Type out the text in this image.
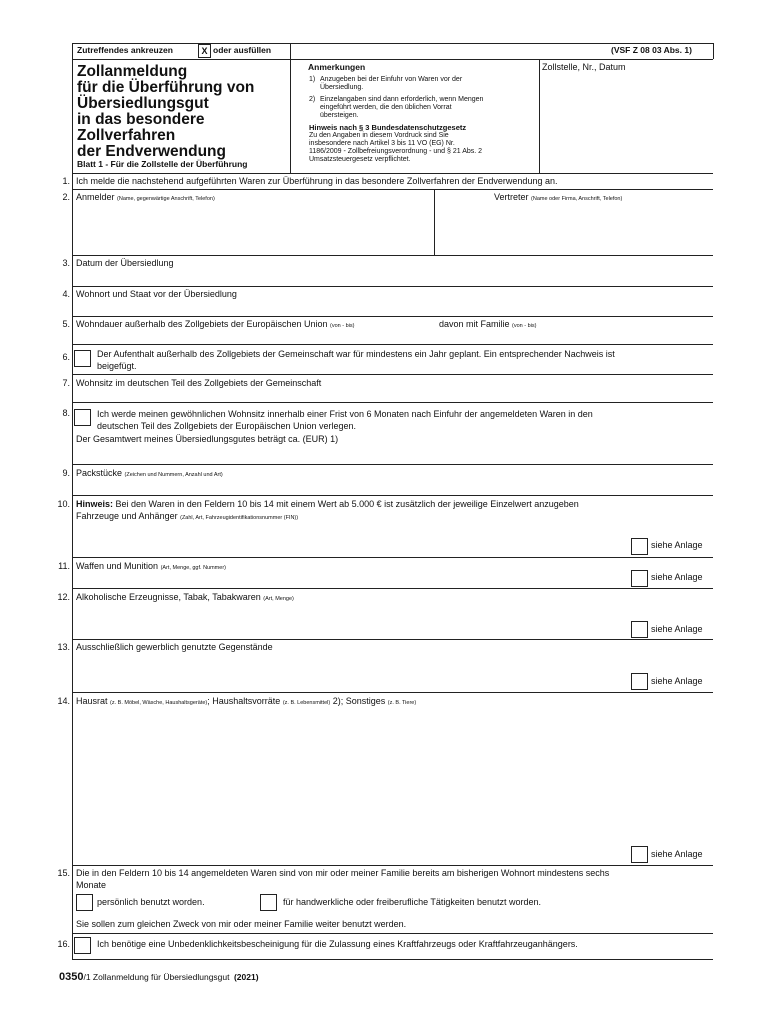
Zutreffendes ankreuzen	X oder ausfüllen	(VSF Z 08 03 Abs. 1)
Zollanmeldung
für die Überführung von
Übersiedlungsgut
in das besondere
Zollverfahren
der Endverwendung
Blatt 1 - Für die Zollstelle der Überführung
Anmerkungen
1) Anzugeben bei der Einfuhr von Waren vor der
Übersiedlung.
2) Einzelangaben sind dann erforderlich, wenn Mengen
eingeführt werden, die den üblichen Vorrat
übersteigen.
Hinweis nach § 3 Bundesdatenschutzgesetz
Zu den Angaben in diesem Vordruck sind Sie
insbesondere nach Artikel 3 bis 11 VO (EG) Nr.
1186/2009 - Zollbefreiungsverordnung - und § 21 Abs. 2
Umsatzsteuergesetz verpflichtet.
Zollstelle, Nr., Datum
1. Ich melde die nachstehend aufgeführten Waren zur Überführung in das besondere Zollverfahren der Endverwendung an.
2. Anmelder (Name, gegenwärtige Anschrift, Telefon)	Vertreter (Name oder Firma, Anschrift, Telefon)
3. Datum der Übersiedlung
4. Wohnort und Staat vor der Übersiedlung
5. Wohndauer außerhalb des Zollgebiets der Europäischen Union (von - bis)	davon mit Familie (von - bis)
6.	Der Aufenthalt außerhalb des Zollgebiets der Gemeinschaft war für mindestens ein Jahr geplant. Ein entsprechender Nachweis ist
beigefügt.
7. Wohnsitz im deutschen Teil des Zollgebiets der Gemeinschaft
8.	Ich werde meinen gewöhnlichen Wohnsitz innerhalb einer Frist von 6 Monaten nach Einfuhr der angemeldeten Waren in den
deutschen Teil des Zollgebiets der Europäischen Union verlegen.
Der Gesamtwert meines Übersiedlungsgutes beträgt ca. (EUR) 1)
9. Packstücke (Zeichen und Nummern, Anzahl und Art)
10. Hinweis: Bei den Waren in den Feldern 10 bis 14 mit einem Wert ab 5.000 € ist zusätzlich der jeweilige Einzelwert anzugeben
Fahrzeuge und Anhänger (Zahl, Art, Fahrzeugidentifikationsnummer (FIN))
siehe Anlage
11. Waffen und Munition (Art, Menge, ggf. Nummer)
siehe Anlage
12. Alkoholische Erzeugnisse, Tabak, Tabakwaren (Art, Menge)
siehe Anlage
13. Ausschließlich gewerblich genutzte Gegenstände
siehe Anlage
14. Hausrat (z. B. Möbel, Wäsche, Haushaltsgeräte); Haushaltsvorräte (z. B. Lebensmittel) 2); Sonstiges (z. B. Tiere)
siehe Anlage
15. Die in den Feldern 10 bis 14 angemeldeten Waren sind von mir oder meiner Familie bereits am bisherigen Wohnort mindestens sechs
Monate
persönlich benutzt worden.	für handwerkliche oder freiberufliche Tätigkeiten benutzt worden.
Sie sollen zum gleichen Zweck von mir oder meiner Familie weiter benutzt werden.
16.	Ich benötige eine Unbedenklichkeitsbescheinigung für die Zulassung eines Kraftfahrzeugs oder Kraftfahrzeuganhängers.
0350/1 Zollanmeldung für Übersiedlungsgut (2021)
